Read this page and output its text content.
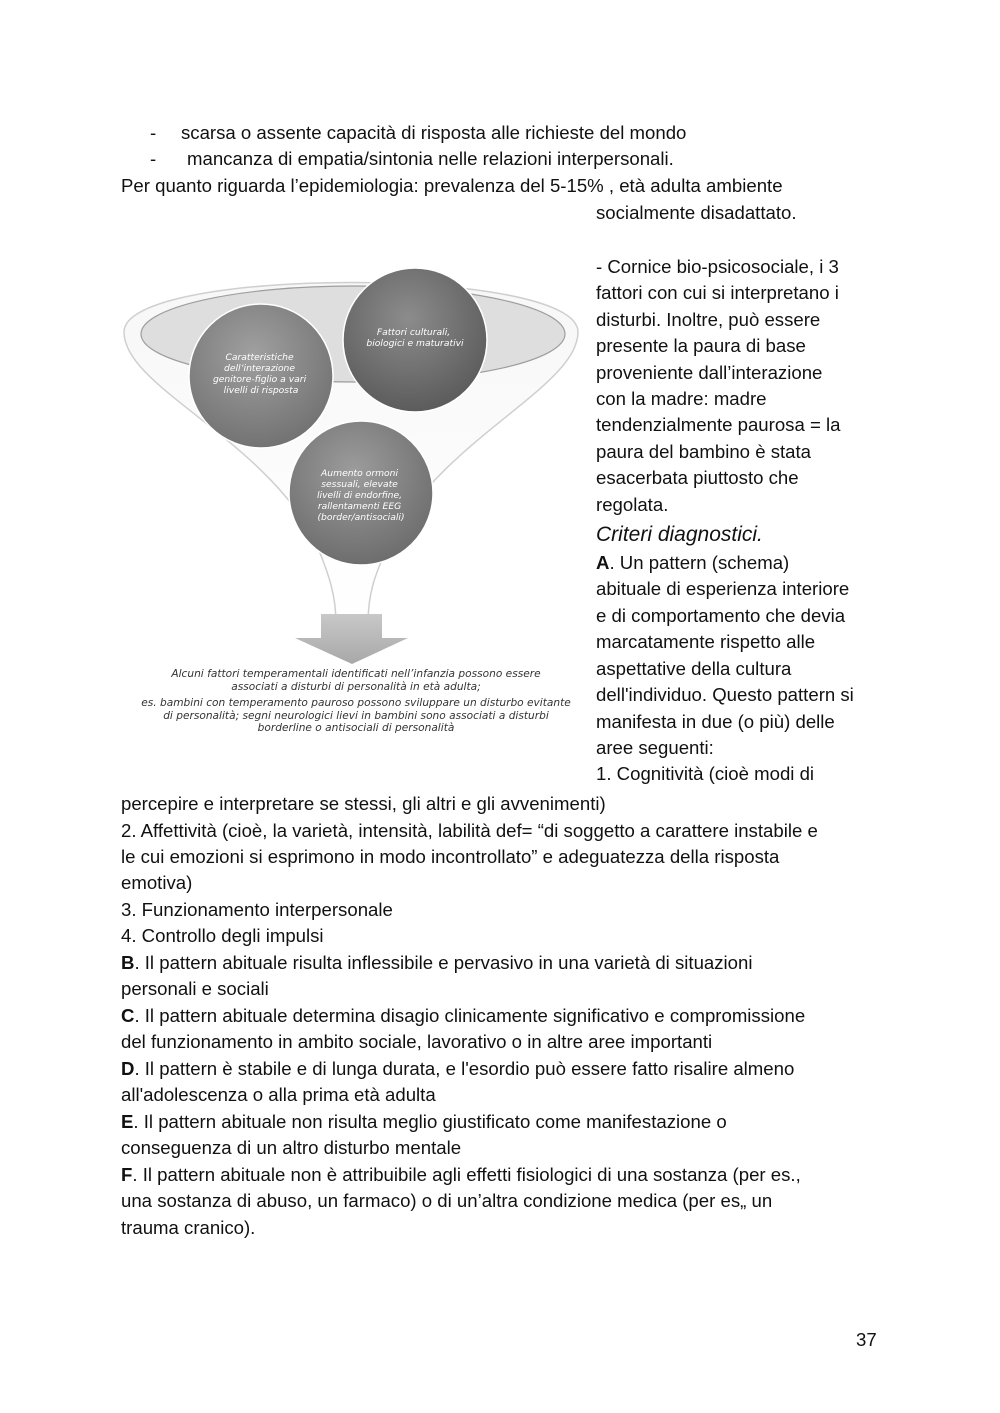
- scarsa o assente capacità di risposta alle richieste del mondo
- mancanza di empatia/sintonia nelle relazioni interpersonali.

Per quanto riguarda l’epidemiologia: prevalenza del 5-15% , età adulta ambiente

socialmente disadattato.

Caratteristiche dell’interazione genitore-figlio a vari livelli di risposta
Fattori culturali, biologici e maturativi
Aumento ormoni sessuali, elevate livelli di endorfine, rallentamenti EEG (border/antisociali)
Alcuni fattori temperamentali identificati nell’infanzia possono essere
associati a disturbi di personalità in età adulta;
es. bambini con temperamento pauroso possono sviluppare un disturbo evitante
di personalità; segni neurologici lievi in bambini sono associati a disturbi
borderline o antisociali di personalità

- Cornice bio-psicosociale, i 3

fattori con cui si interpretano i

disturbi. Inoltre, può essere

presente la paura di base

proveniente dall’interazione

con la madre: madre

tendenzialmente paurosa = la

paura del bambino è stata

esacerbata piuttosto che

regolata.

Criteri diagnostici.

A. Un pattern (schema)

abituale di esperienza interiore

e di comportamento che devia

marcatamente rispetto alle

aspettative della cultura

dell'individuo. Questo pattern si

manifesta in due (o più) delle

aree seguenti:

1. Cognitività (cioè modi di

percepire e interpretare se stessi, gli altri e gli avvenimenti)

2. Affettività (cioè, la varietà, intensità, labilità def= “di soggetto a carattere instabile e

le cui emozioni si esprimono in modo incontrollato” e adeguatezza della risposta

emotiva)

3. Funzionamento interpersonale

4. Controllo degli impulsi

B. Il pattern abituale risulta inflessibile e pervasivo in una varietà di situazioni

personali e sociali

C. Il pattern abituale determina disagio clinicamente significativo e compromissione

del funzionamento in ambito sociale, lavorativo o in altre aree importanti

D. Il pattern è stabile e di lunga durata, e l'esordio può essere fatto risalire almeno

all'adolescenza o alla prima età adulta

E. Il pattern abituale non risulta meglio giustificato come manifestazione o

conseguenza di un altro disturbo mentale

F. Il pattern abituale non è attribuibile agli effetti fisiologici di una sostanza (per es.,

una sostanza di abuso, un farmaco) o di un’altra condizione medica (per es„ un

trauma cranico).

37
